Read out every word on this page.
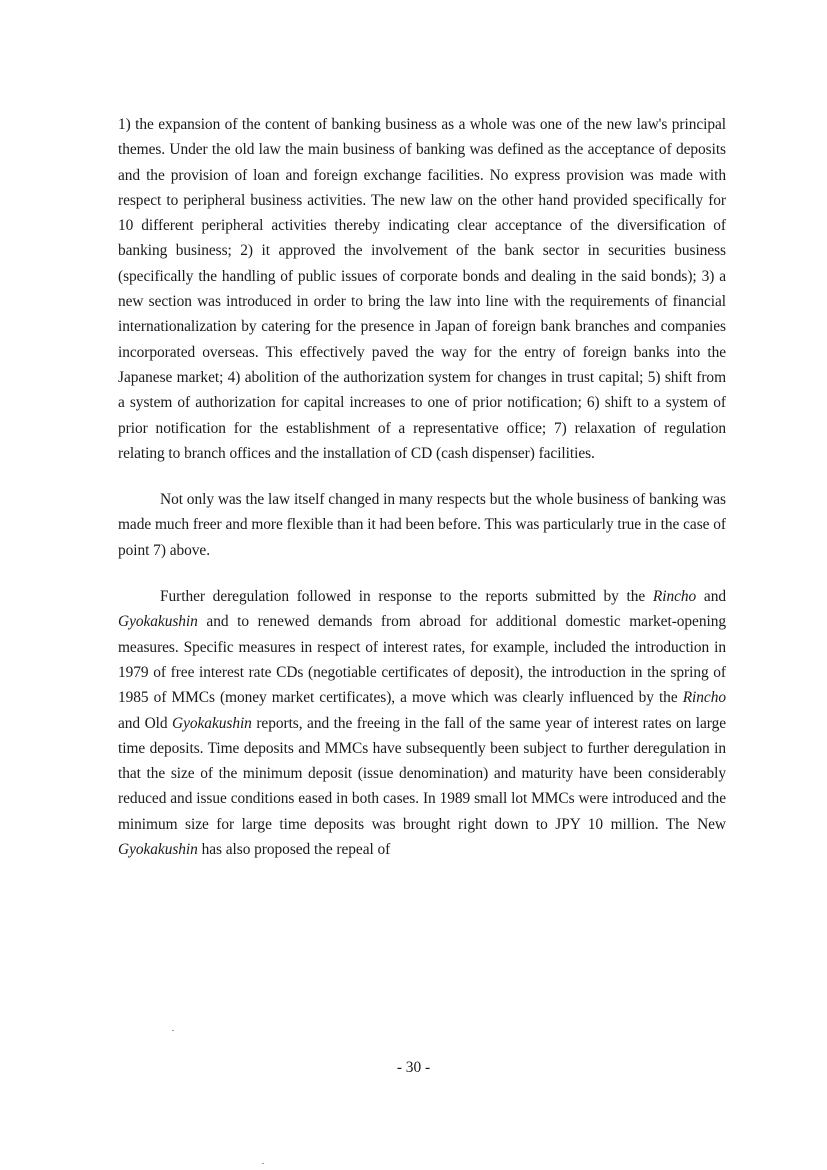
1) the expansion of the content of banking business as a whole was one of the new law's principal themes. Under the old law the main business of banking was defined as the acceptance of deposits and the provision of loan and foreign exchange facilities. No express provision was made with respect to peripheral business activities. The new law on the other hand provided specifically for 10 different peripheral activities thereby indicating clear acceptance of the diversification of banking business; 2) it approved the involvement of the bank sector in securities business (specifically the handling of public issues of corporate bonds and dealing in the said bonds); 3) a new section was introduced in order to bring the law into line with the requirements of financial internationalization by catering for the presence in Japan of foreign bank branches and companies incorporated overseas. This effectively paved the way for the entry of foreign banks into the Japanese market; 4) abolition of the authorization system for changes in trust capital; 5) shift from a system of authorization for capital increases to one of prior notification; 6) shift to a system of prior notification for the establishment of a representative office; 7) relaxation of regulation relating to branch offices and the installation of CD (cash dispenser) facilities.

Not only was the law itself changed in many respects but the whole business of banking was made much freer and more flexible than it had been before. This was particularly true in the case of point 7) above.

Further deregulation followed in response to the reports submitted by the Rincho and Gyokakushin and to renewed demands from abroad for additional domestic market-opening measures. Specific measures in respect of interest rates, for example, included the introduction in 1979 of free interest rate CDs (negotiable certificates of deposit), the introduction in the spring of 1985 of MMCs (money market certificates), a move which was clearly influenced by the Rincho and Old Gyokakushin reports, and the freeing in the fall of the same year of interest rates on large time deposits. Time deposits and MMCs have subsequently been subject to further deregulation in that the size of the minimum deposit (issue denomination) and maturity have been considerably reduced and issue conditions eased in both cases. In 1989 small lot MMCs were introduced and the minimum size for large time deposits was brought right down to JPY 10 million. The New Gyokakushin has also proposed the repeal of

- 30 -
